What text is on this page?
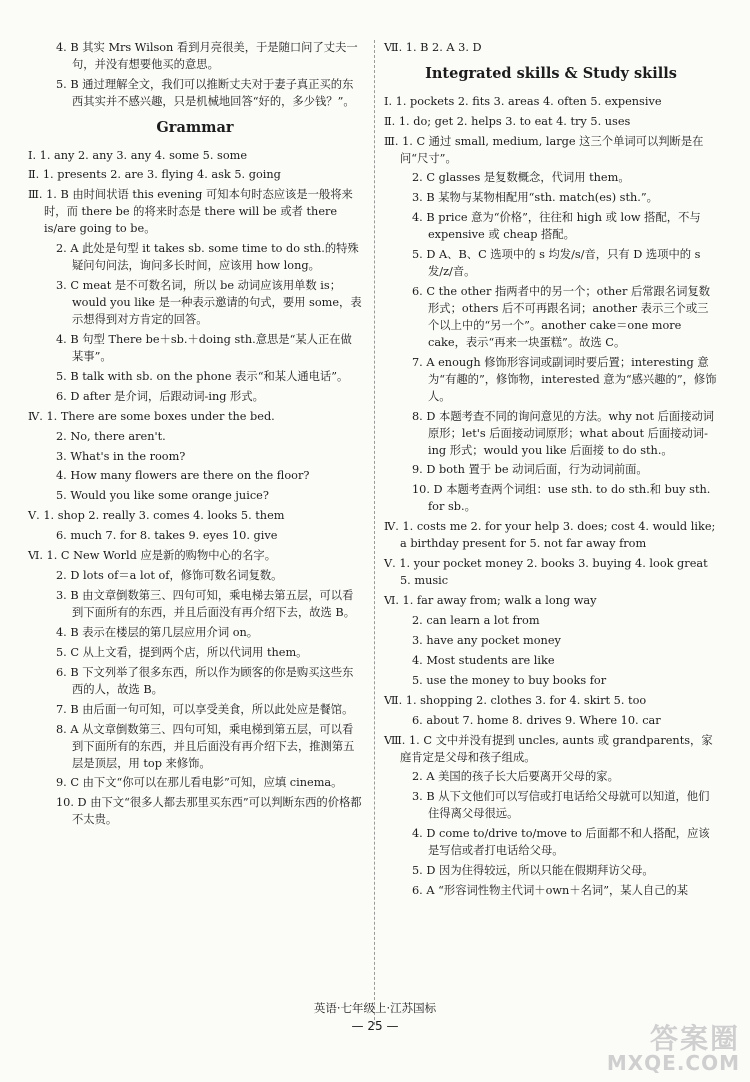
4. B 其实 Mrs Wilson 看到月亮很美，于是随口问了丈夫一句，并没有想要他买的意思。
5. B 通过理解全文，我们可以推断丈夫对于妻子真正买的东西其实并不感兴趣，只是机械地回答“好的，多少钱？”。
Grammar
Ⅰ. 1. any 2. any 3. any 4. some 5. some
Ⅱ. 1. presents 2. are 3. flying 4. ask 5. going
Ⅲ. 1. B 由时间状语 this evening 可知本句时态应该是一般将来时，而 there be 的将来时态是 there will be 或者 there is/are going to be。
2. A 此处是句型 it takes sb. some time to do sth.的特殊疑问句问法，询问多长时间，应该用 how long。
3. C meat 是不可数名词，所以 be 动词应该用单数 is；would you like 是一种表示邀请的句式，要用 some，表示想得到对方肯定的回答。
4. B 句型 There be＋sb.＋doing sth.意思是“某人正在做某事”。
5. B talk with sb. on the phone 表示“和某人通电话”。
6. D after 是介词，后跟动词-ing 形式。
Ⅳ. 1. There are some boxes under the bed.
2. No, there aren't.
3. What's in the room?
4. How many flowers are there on the floor?
5. Would you like some orange juice?
Ⅴ. 1. shop 2. really 3. comes 4. looks 5. them
6. much 7. for 8. takes 9. eyes 10. give
Ⅵ. 1. C New World 应是新的购物中心的名字。
2. D lots of＝a lot of，修饰可数名词复数。
3. B 由文章倒数第三、四句可知，乘电梯去第五层，可以看到下面所有的东西，并且后面没有再介绍下去，故选 B。
4. B 表示在楼层的第几层应用介词 on。
5. C 从上文看，提到两个店，所以代词用 them。
6. B 下文列举了很多东西，所以作为顾客的你是购买这些东西的人，故选 B。
7. B 由后面一句可知，可以享受美食，所以此处应是餐馆。
8. A 从文章倒数第三、四句可知，乘电梯到第五层，可以看到下面所有的东西，并且后面没有再介绍下去，推测第五层是顶层，用 top 来修饰。
9. C 由下文“你可以在那儿看电影”可知，应填 cinema。
10. D 由下文“很多人都去那里买东西”可以判断东西的价格都不太贵。
Ⅶ. 1. B 2. A 3. D
Integrated skills & Study skills
Ⅰ. 1. pockets 2. fits 3. areas 4. often 5. expensive
Ⅱ. 1. do; get 2. helps 3. to eat 4. try 5. uses
Ⅲ. 1. C 通过 small, medium, large 这三个单词可以判断是在问“尺寸”。
2. C glasses 是复数概念，代词用 them。
3. B 某物与某物相配用“sth. match(es) sth.”。
4. B price 意为“价格”，往往和 high 或 low 搭配，不与 expensive 或 cheap 搭配。
5. D A、B、C 选项中的 s 均发/s/音，只有 D 选项中的 s 发/z/音。
6. C the other 指两者中的另一个；other 后常跟名词复数形式；others 后不可再跟名词；another 表示三个或三个以上中的“另一个”。another cake＝one more cake，表示“再来一块蛋糕”。故选 C。
7. A enough 修饰形容词或副词时要后置；interesting 意为“有趣的”，修饰物，interested 意为“感兴趣的”，修饰人。
8. D 本题考查不同的询问意见的方法。why not 后面接动词原形；let's 后面接动词原形；what about 后面接动词-ing 形式；would you like 后面接 to do sth.。
9. D both 置于 be 动词后面，行为动词前面。
10. D 本题考查两个词组：use sth. to do sth.和 buy sth. for sb.。
Ⅳ. 1. costs me 2. for your help 3. does; cost 4. would like; a birthday present for 5. not far away from
Ⅴ. 1. your pocket money 2. books 3. buying 4. look great 5. music
Ⅵ. 1. far away from; walk a long way
2. can learn a lot from
3. have any pocket money
4. Most students are like
5. use the money to buy books for
Ⅶ. 1. shopping 2. clothes 3. for 4. skirt 5. too
6. about 7. home 8. drives 9. Where 10. car
Ⅷ. 1. C 文中并没有提到 uncles, aunts 或 grandparents，家庭肯定是父母和孩子组成。
2. A 美国的孩子长大后要离开父母的家。
3. B 从下文他们可以写信或打电话给父母就可以知道，他们住得离父母很远。
4. D come to/drive to/move to 后面都不和人搭配，应该是写信或者打电话给父母。
5. D 因为住得较远，所以只能在假期拜访父母。
6. A “形容词性物主代词＋own＋名词”，某人自己的某
英语·七年级上·江苏国标
— 25 —	答案圈
MXQE.COM
